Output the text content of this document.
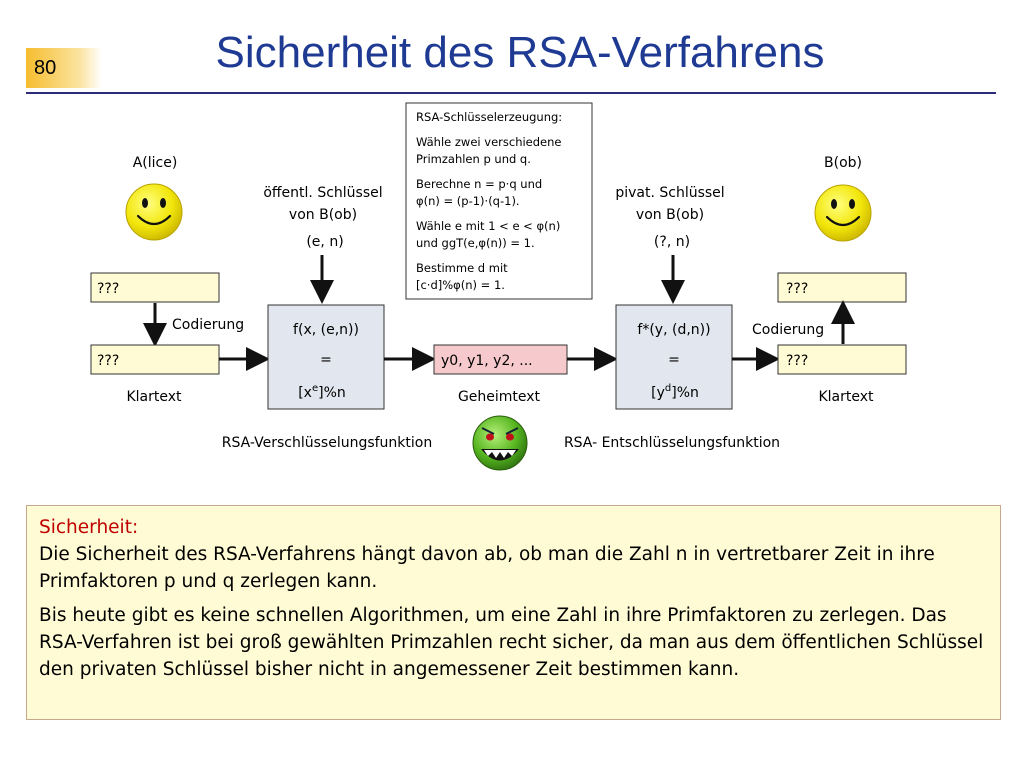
80	Sicherheit des RSA-Verfahrens
RSA-Schlüsselerzeugung:
Wähle zwei verschiedene
Primzahlen p und q.
Berechne n = p·q und
φ(n) = (p-1)·(q-1).
Wähle e mit 1 < e < φ(n)
und ggT(e,φ(n)) = 1.
Bestimme d mit
[c·d]%φ(n) = 1.
A(lice)	B(ob)
öffentl. Schlüssel
von B(ob)
(e, n)
pivat. Schlüssel
von B(ob)
(?, n)
???
Codierung
???
Klartext
f(x, (e,n))
=
$[x^e]\%n$
RSA-Verschlüsselungsfunktion
y0, y1, y2, ...
Geheimtext
f*(y, (d,n))
=
$[y^d]\%n$
RSA- Entschlüsselungsfunktion
???
Codierung
???
Klartext

Sicherheit:

Die Sicherheit des RSA-Verfahrens hängt davon ab, ob man die Zahl n in vertretbarer Zeit in ihre Primfaktoren p und q zerlegen kann.

Bis heute gibt es keine schnellen Algorithmen, um eine Zahl in ihre Primfaktoren zu zerlegen. Das RSA-Verfahren ist bei groß gewählten Primzahlen recht sicher, da man aus dem öffentlichen Schlüssel den privaten Schlüssel bisher nicht in angemessener Zeit bestimmen kann.
